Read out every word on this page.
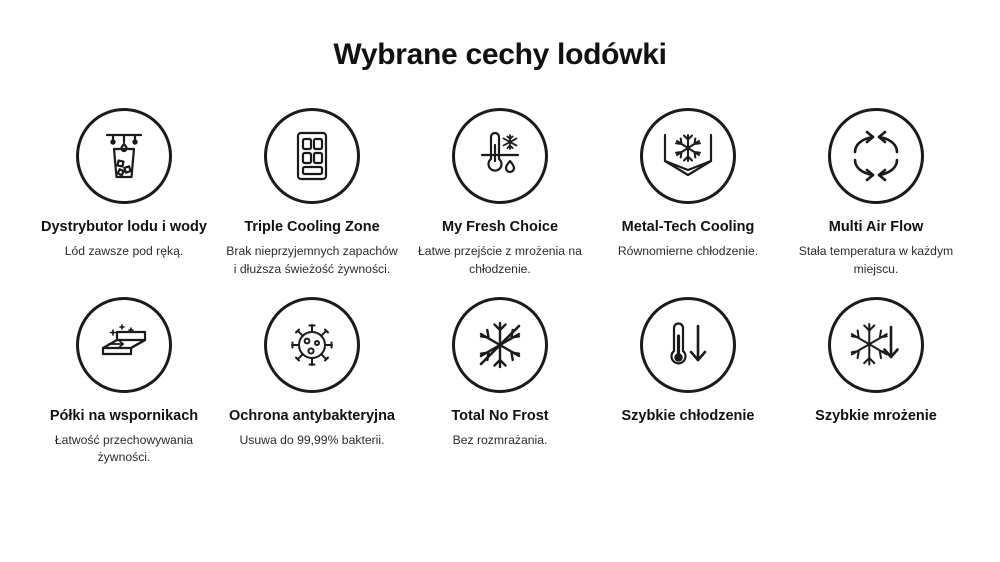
Wybrane cechy lodówki
Dystrybutor lodu i wody
Lód zawsze pod ręką.
Triple Cooling Zone
Brak nieprzyjemnych zapachów i dłuższa świeżość żywności.
My Fresh Choice
Łatwe przejście z mrożenia na chłodzenie.
Metal-Tech Cooling
Równomierne chłodzenie.
Multi Air Flow
Stała temperatura w każdym miejscu.
Półki na wspornikach
Łatwość przechowywania żywności.
Ochrona antybakteryjna
Usuwa do 99,99% bakterii.
Total No Frost
Bez rozmrażania.
Szybkie chłodzenie	Szybkie mrożenie
